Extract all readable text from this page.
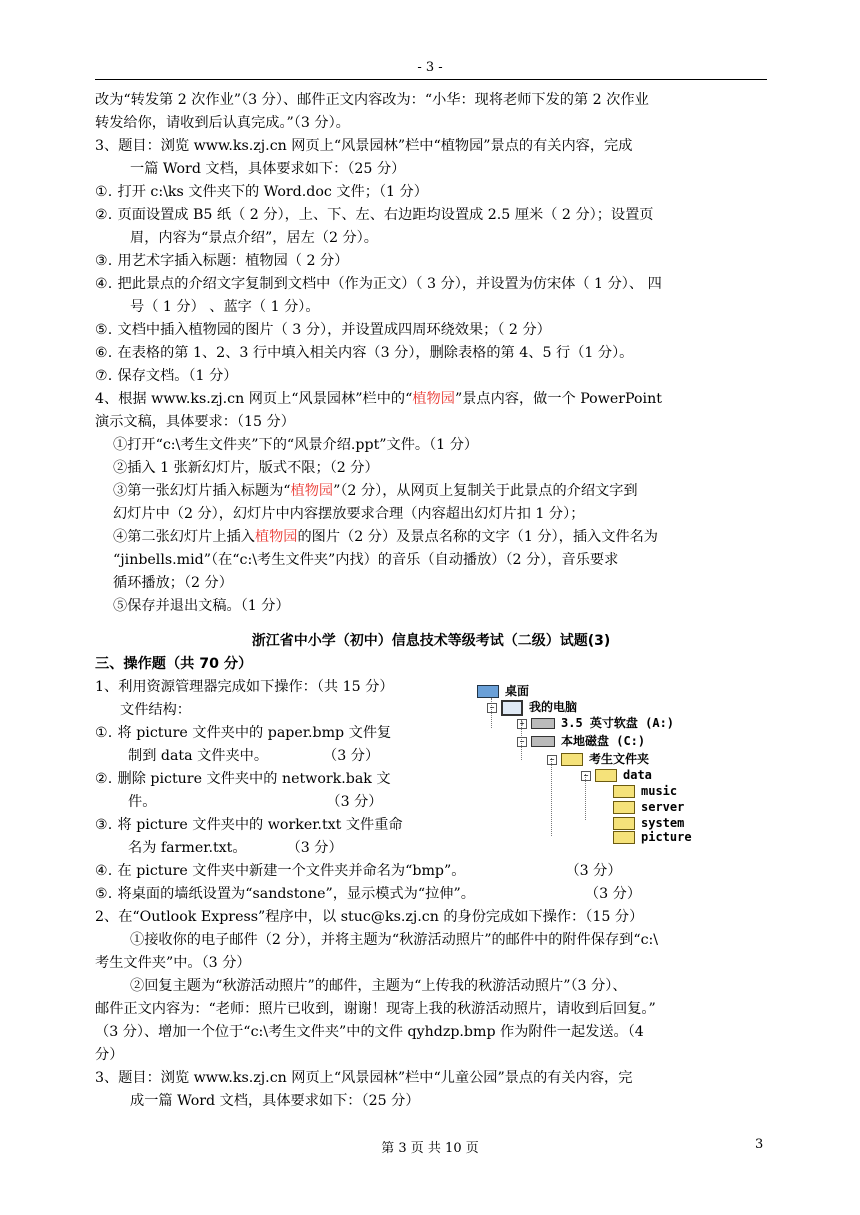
- 3 -
改为“转发第 2 次作业”（3 分）、邮件正文内容改为：“小华：现将老师下发的第 2 次作业
转发给你，请收到后认真完成。”（3 分）。
3、题目：浏览 www.ks.zj.cn 网页上“风景园林”栏中“植物园”景点的有关内容，完成
一篇 Word 文档，具体要求如下：（25 分）
①. 打开 c:\ks 文件夹下的 Word.doc 文件；（1 分）
②. 页面设置成 B5 纸（ 2 分），上、下、左、右边距均设置成 2.5 厘米（ 2 分）；设置页
眉，内容为“景点介绍”，居左（2 分）。
③. 用艺术字插入标题：植物园（ 2 分）
④. 把此景点的介绍文字复制到文档中（作为正文）（ 3 分），并设置为仿宋体（ 1 分）、 四
号（ 1 分） 、蓝字（ 1 分）。
⑤. 文档中插入植物园的图片（ 3 分），并设置成四周环绕效果；（ 2 分）
⑥. 在表格的第 1、2、3 行中填入相关内容（3 分），删除表格的第 4、5 行（1 分）。
⑦. 保存文档。（1 分）
4、根据 www.ks.zj.cn 网页上“风景园林”栏中的“植物园”景点内容，做一个 PowerPoint
演示文稿，具体要求：（15 分）
①打开“c:\考生文件夹”下的“风景介绍.ppt”文件。（1 分）
②插入 1 张新幻灯片，版式不限；（2 分）
③第一张幻灯片插入标题为“植物园”（2 分），从网页上复制关于此景点的介绍文字到
幻灯片中（2 分），幻灯片中内容摆放要求合理（内容超出幻灯片扣 1 分）；
④第二张幻灯片上插入植物园的图片（2 分）及景点名称的文字（1 分），插入文件名为
“jinbells.mid”（在“c:\考生文件夹”内找）的音乐（自动播放）（2 分），音乐要求
循环播放；（2 分）
⑤保存并退出文稿。（1 分）
浙江省中小学（初中）信息技术等级考试（二级）试题(3)
三、操作题（共 70 分）
1、利用资源管理器完成如下操作：（共 15 分）
文件结构：
①. 将 picture 文件夹中的 paper.bmp 文件复
制到 data 文件夹中。	（3 分）
②. 删除 picture 文件夹中的 network.bak 文
件。	（3 分）
③. 将 picture 文件夹中的 worker.txt 文件重命
名为 farmer.txt。	（3 分）
④. 在 picture 文件夹中新建一个文件夹并命名为“bmp”。	（3 分）
⑤. 将桌面的墙纸设置为“sandstone”，显示模式为“拉伸”。	（3 分）
2、在“Outlook Express”程序中，以 stuc@ks.zj.cn 的身份完成如下操作：（15 分）
①接收你的电子邮件（2 分），并将主题为“秋游活动照片”的邮件中的附件保存到“c:\
考生文件夹”中。（3 分）
②回复主题为“秋游活动照片”的邮件，主题为“上传我的秋游活动照片”（3 分）、
邮件正文内容为：“老师：照片已收到，谢谢！现寄上我的秋游活动照片，请收到后回复。”
（3 分）、增加一个位于“c:\考生文件夹”中的文件 qyhdzp.bmp 作为附件一起发送。（4
分）
3、题目：浏览 www.ks.zj.cn 网页上“风景园林”栏中“儿童公园”景点的有关内容，完
成一篇 Word 文档，具体要求如下：（25 分）
桌面
−	我的电脑
+	3.5 英寸软盘 (A:)
−	本地磁盘 (C:)
−	考生文件夹
−	data
music
server
system
picture
第 3 页 共 10 页	3
